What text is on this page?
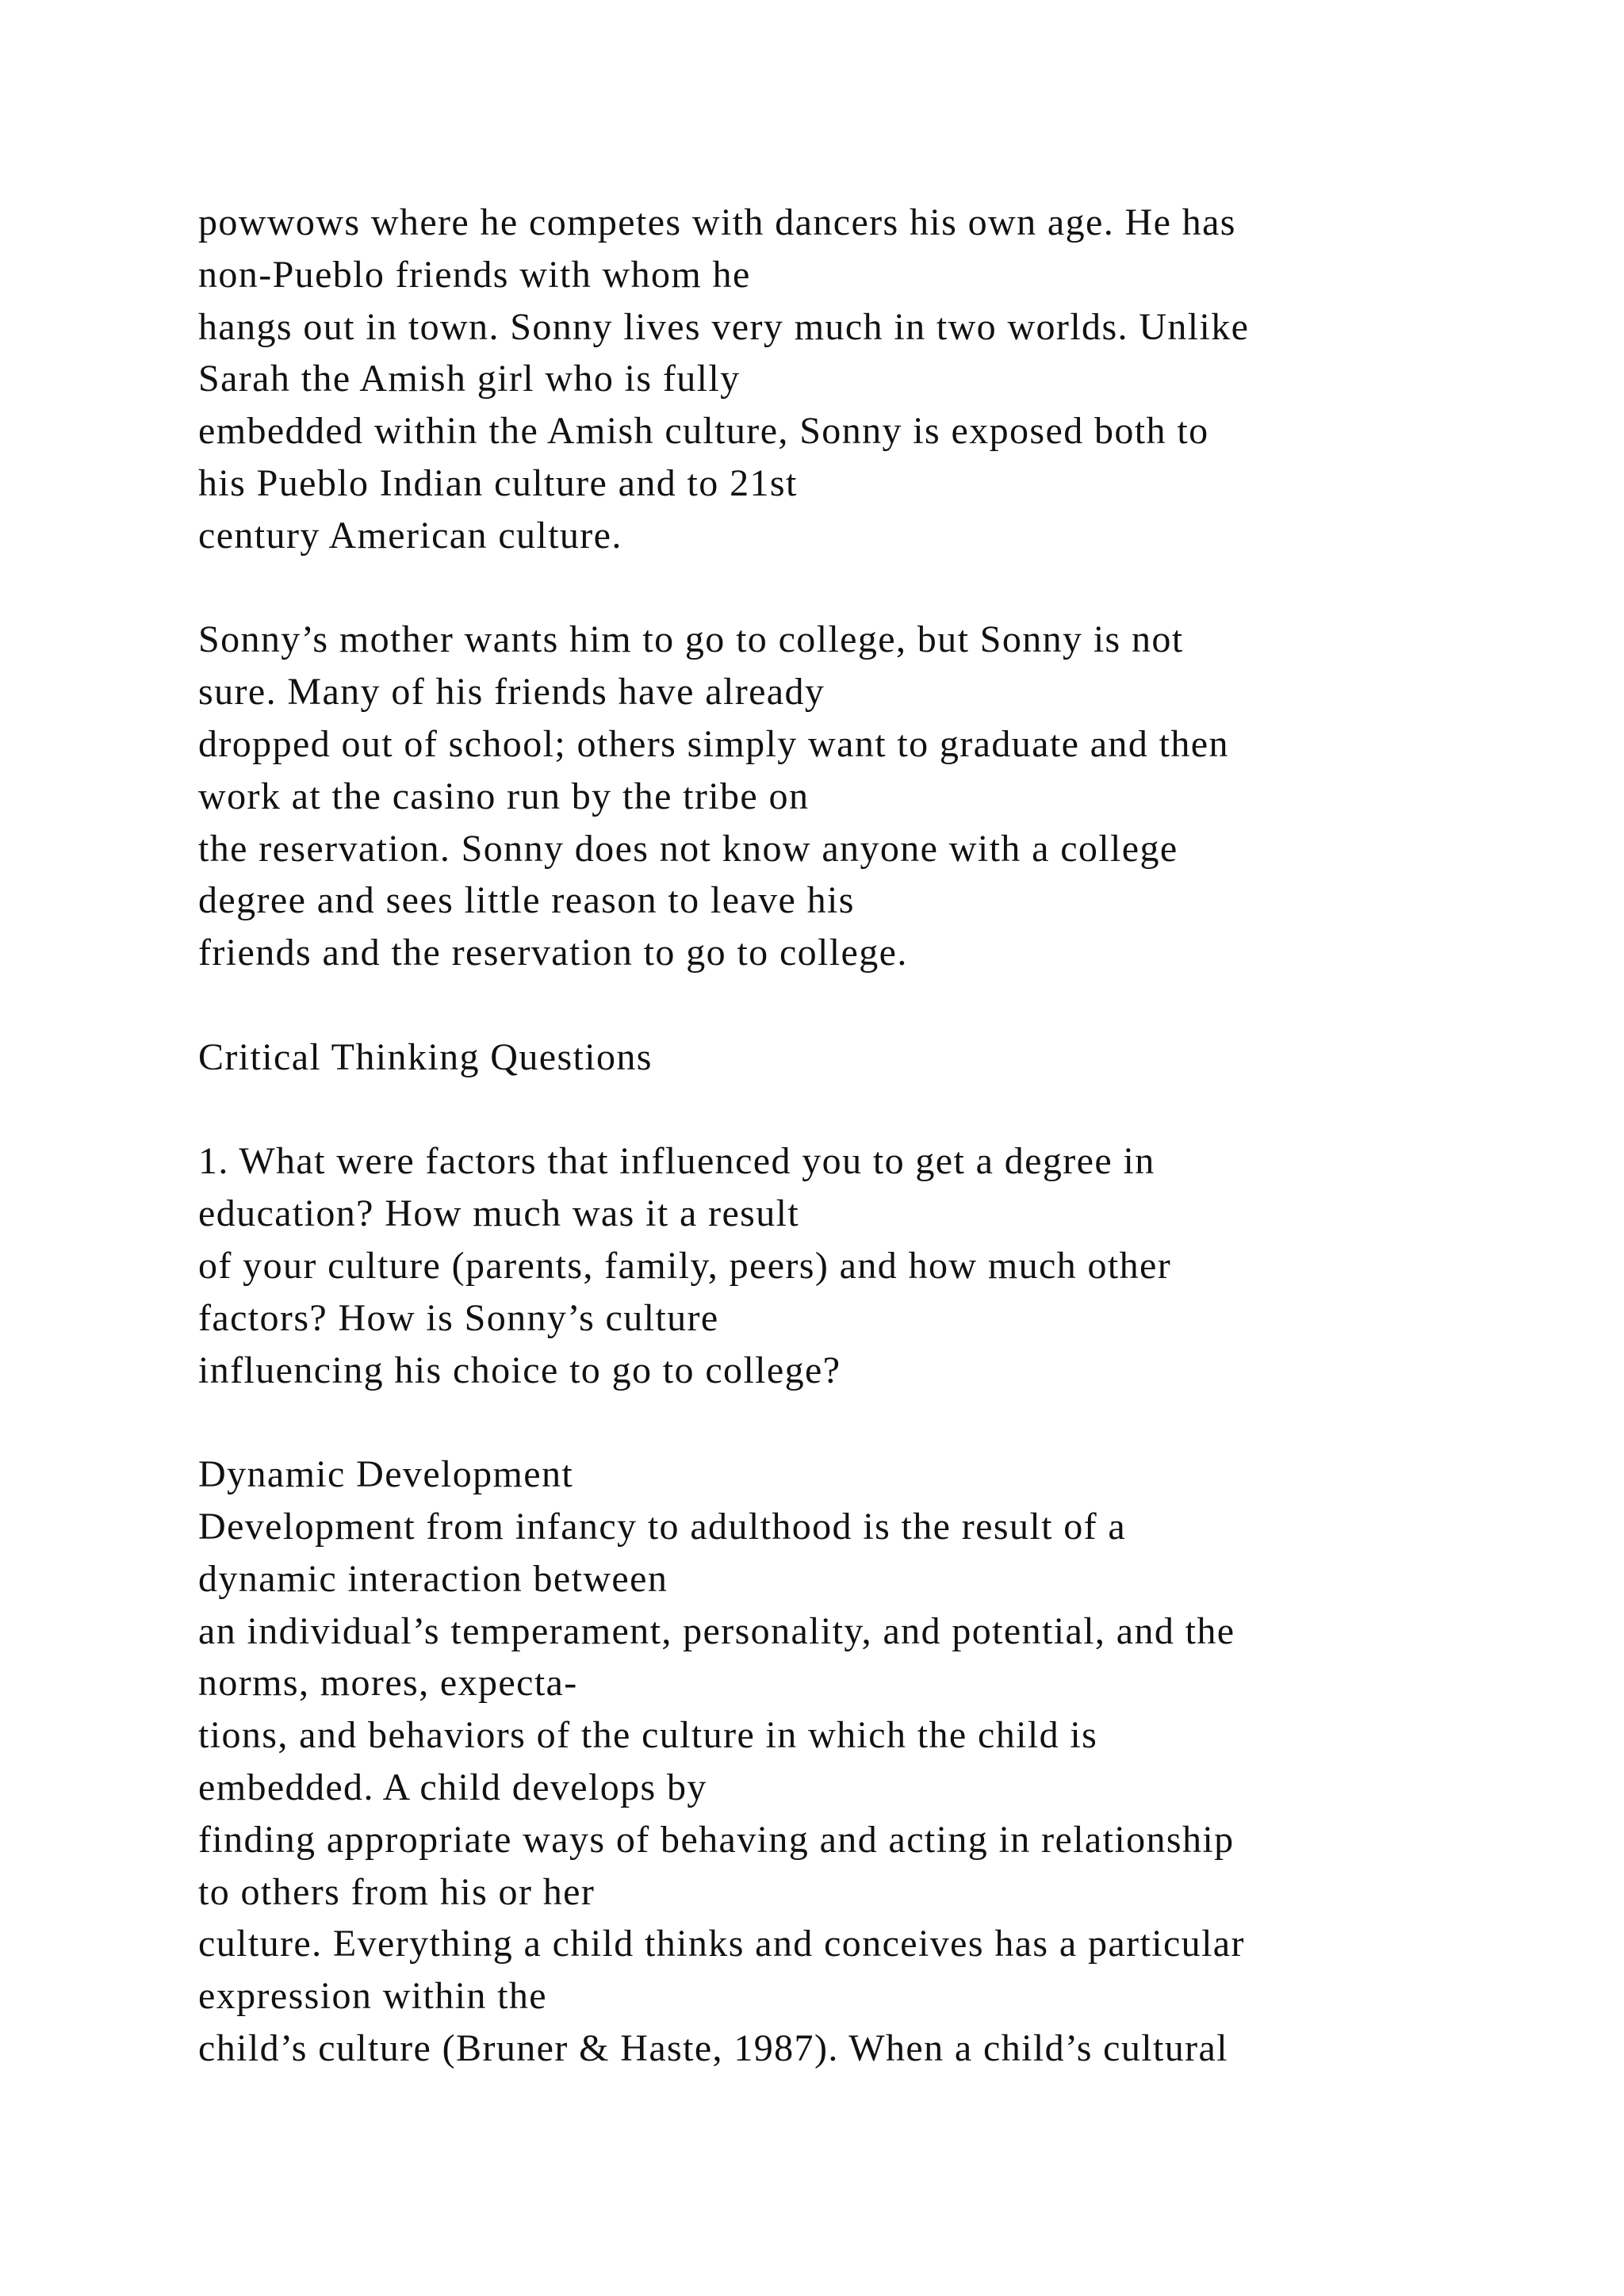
powwows where he competes with dancers his own age. He has
non-Pueblo friends with whom he
hangs out in town. Sonny lives very much in two worlds. Unlike
Sarah the Amish girl who is fully
embedded within the Amish culture, Sonny is exposed both to
his Pueblo Indian culture and to 21st
century American culture.
Sonny’s mother wants him to go to college, but Sonny is not
sure. Many of his friends have already
dropped out of school; others simply want to graduate and then
work at the casino run by the tribe on
the reservation. Sonny does not know anyone with a college
degree and sees little reason to leave his
friends and the reservation to go to college.
Critical Thinking Questions
1. What were factors that influenced you to get a degree in
education? How much was it a result
of your culture (parents, family, peers) and how much other
factors? How is Sonny’s culture
influencing his choice to go to college?
Dynamic Development
Development from infancy to adulthood is the result of a
dynamic interaction between
an individual’s temperament, personality, and potential, and the
norms, mores, expecta-
tions, and behaviors of the culture in which the child is
embedded. A child develops by
finding appropriate ways of behaving and acting in relationship
to others from his or her
culture. Everything a child thinks and conceives has a particular
expression within the
child’s culture (Bruner & Haste, 1987). When a child’s cultural
